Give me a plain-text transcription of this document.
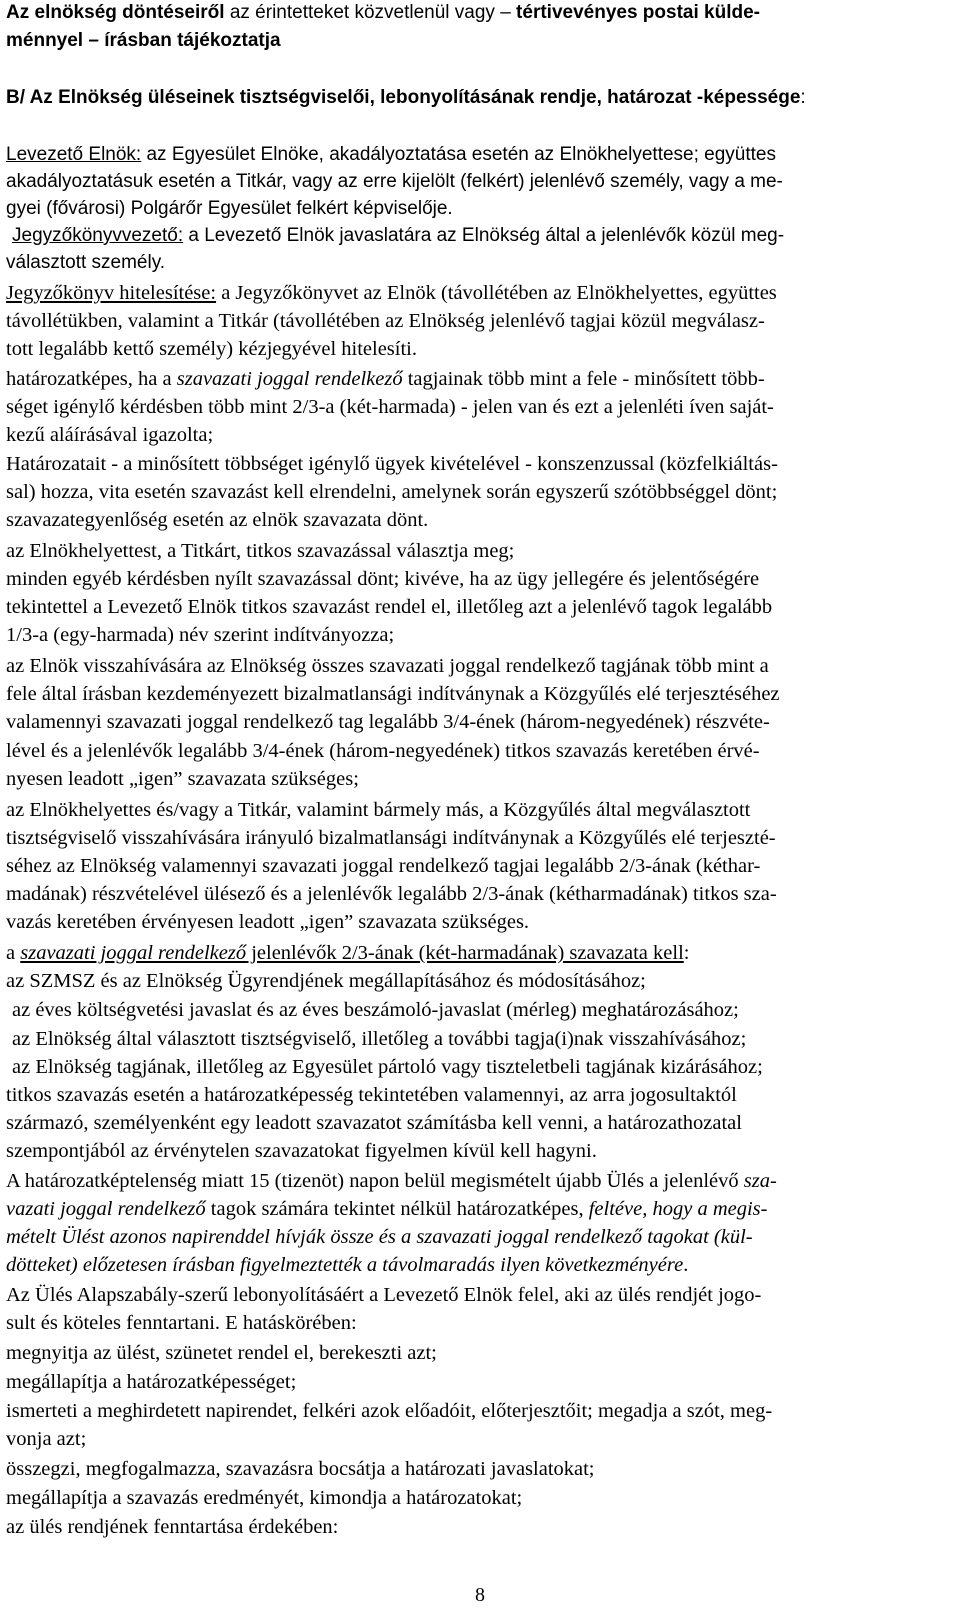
Az elnökség döntéseiről az érintetteket közvetlenül vagy – tértivevényes postai külde-
ménnyel – írásban tájékoztatja
B/ Az Elnökség üléseinek tisztségviselői, lebonyolításának rendje, határozat -képessége:
Levezető Elnök: az Egyesület Elnöke, akadályoztatása esetén az Elnökhelyettese; együttes
akadályoztatásuk esetén a Titkár, vagy az erre kijelölt (felkért) jelenlévő személy, vagy a me-
gyei (fővárosi) Polgárőr Egyesület felkért képviselője.
Jegyzőkönyvvezető: a Levezető Elnök javaslatára az Elnökség által a jelenlévők közül meg-
választott személy.
Jegyzőkönyv hitelesítése: a Jegyzőkönyvet az Elnök (távollétében az Elnökhelyettes, együttes
távollétükben, valamint a Titkár (távollétében az Elnökség jelenlévő tagjai közül megválasz-
tott legalább kettő személy) kézjegyével hitelesíti.
határozatképes, ha a szavazati joggal rendelkező tagjainak több mint a fele - minősített több-
séget igénylő kérdésben több mint 2/3-a (két-harmada) - jelen van és ezt a jelenléti íven saját-
kezű aláírásával igazolta;
Határozatait - a minősített többséget igénylő ügyek kivételével - konszenzussal (közfelkiáltás-
sal) hozza, vita esetén szavazást kell elrendelni, amelynek során egyszerű szótöbbséggel dönt;
szavazategyenlőség esetén az elnök szavazata dönt.
az Elnökhelyettest, a Titkárt, titkos szavazással választja meg;
minden egyéb kérdésben nyílt szavazással dönt; kivéve, ha az ügy jellegére és jelentőségére
tekintettel a Levezető Elnök titkos szavazást rendel el, illetőleg azt a jelenlévő tagok legalább
1/3-a (egy-harmada) név szerint indítványozza;
az Elnök visszahívására az Elnökség összes szavazati joggal rendelkező tagjának több mint a
fele által írásban kezdeményezett bizalmatlansági indítványnak a Közgyűlés elé terjesztéséhez
valamennyi szavazati joggal rendelkező tag legalább 3/4-ének (három-negyedének) részvéte-
lével és a jelenlévők legalább 3/4-ének (három-negyedének) titkos szavazás keretében érvé-
nyesen leadott „igen” szavazata szükséges;
az Elnökhelyettes és/vagy a Titkár, valamint bármely más, a Közgyűlés által megválasztott
tisztségviselő visszahívására irányuló bizalmatlansági indítványnak a Közgyűlés elé terjeszté-
séhez az Elnökség valamennyi szavazati joggal rendelkező tagjai legalább 2/3-ának (kéthar-
madának) részvételével ülésező és a jelenlévők legalább 2/3-ának (kétharmadának) titkos sza-
vazás keretében érvényesen leadott „igen” szavazata szükséges.
a szavazati joggal rendelkező jelenlévők 2/3-ának (két-harmadának) szavazata kell:
az SZMSZ és az Elnökség Ügyrendjének megállapításához és módosításához;
az éves költségvetési javaslat és az éves beszámoló-javaslat (mérleg) meghatározásához;
az Elnökség által választott tisztségviselő, illetőleg a további tagja(i)nak visszahívásához;
az Elnökség tagjának, illetőleg az Egyesület pártoló vagy tiszteletbeli tagjának kizárásához;
titkos szavazás esetén a határozatképesség tekintetében valamennyi, az arra jogosultaktól
származó, személyenként egy leadott szavazatot számításba kell venni, a határozathozatal
szempontjából az érvénytelen szavazatokat figyelmen kívül kell hagyni.
A határozatképtelenség miatt 15 (tizenöt) napon belül megismételt újabb Ülés a jelenlévő sza-
vazati joggal rendelkező tagok számára tekintet nélkül határozatképes, feltéve, hogy a megis-
mételt Ülést azonos napirenddel hívják össze és a szavazati joggal rendelkező tagokat (kül-
dötteket) előzetesen írásban figyelmeztették a távolmaradás ilyen következményére.
Az Ülés Alapszabály-szerű lebonyolításáért a Levezető Elnök felel, aki az ülés rendjét jogo-
sult és köteles fenntartani. E hatáskörében:
megnyitja az ülést, szünetet rendel el, berekeszti azt;
megállapítja a határozatképességet;
ismerteti a meghirdetett napirendet, felkéri azok előadóit, előterjesztőit; megadja a szót, meg-
vonja azt;
összegzi, megfogalmazza, szavazásra bocsátja a határozati javaslatokat;
megállapítja a szavazás eredményét, kimondja a határozatokat;
az ülés rendjének fenntartása érdekében:
8
